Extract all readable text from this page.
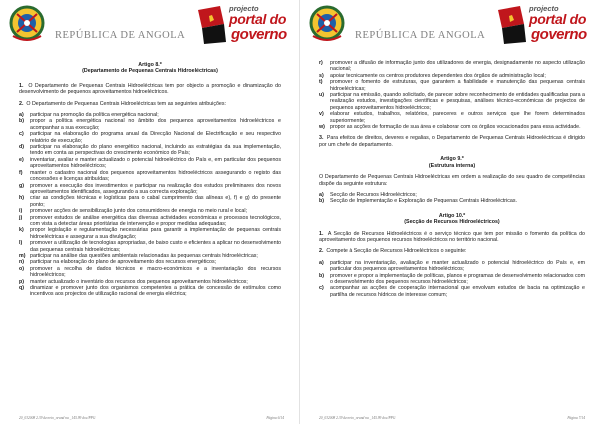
REPÚBLICA DE ANGOLA
projecto
portal do
governo
Artigo 8.º
(Departamento de Pequenas Centrais Hidroeléctricas)

1. O Departamento de Pequenas Centrais Hidroeléctricas tem por objecto a promoção e dinamização do desenvolvimento de pequenos aproveitamentos hidroeléctricos.

2. O Departamento de Pequenas Centrais Hidroeléctricas tem as seguintes atribuições:

a) participar na promoção da política energética nacional;
b) propor a política energética nacional no âmbito dos pequenos aproveitamentos hidroeléctricos e acompanhar a sua execução;
c) participar na elaboração do programa anual da Direcção Nacional de Electrificação e seu respectivo relatório de execução;
d) participar na elaboração do plano energético nacional, incluindo as estratégias da sua implementação, tendo em conta as perspectivas do crescimento económico do País;
e) inventariar, avaliar e manter actualizado o potencial hidroeléctrico do País e, em particular dos pequenos aproveitamentos hidroeléctricos;
f) manter o cadastro nacional dos pequenos aproveitamentos hidroeléctricos assegurando o registo das concessões e licenças atribuídas;
g) promover a execução dos investimentos e participar na realização dos estudos preliminares dos novos aproveitamentos identificados, assegurando a sua correcta exploração;
h) criar as condições técnicas e logísticas para o cabal cumprimento das alíneas e), f) e g) do presente ponto;
i) promover acções de sensibilização junto dos consumidores de energia no meio rural e local;
j) promover estudos de análise energética das diversas actividades económicas e processos tecnológicos, com vista a detectar áreas prioritárias de intervenção e propor medidas adequadas;
k) propor legislação e regulamentação necessárias para garantir a implementação de pequenas centrais hidroeléctricas e assegurar a sua divulgação;
l) promover a utilização de tecnologias apropriadas, de baixo custo e eficientes a aplicar no desenvolvimento das pequenas centrais hidroeléctricas;
m) participar na análise das questões ambientais relacionadas às pequenas centrais hidroeléctricas;
n) participar na elaboração do plano de aproveitamento dos recursos energéticos;
o) promover a recolha de dados técnicos e macro-económicos e a inventariação dos recursos hidroeléctricos;
p) manter actualizado o inventário dos recursos dos pequenos aproveitamentos hidroeléctricos;
q) dinamizar e promover junto dos organismos competentes a prática de concessão de estímulos como incentivos aos projectos de utilização racional de energia eléctrica;
20_032008 2.39 decreto_orand na _145.99 doc/PPG	Página 6/14
REPÚBLICA DE ANGOLA
projecto
portal do
governo
r) promover a difusão de informação junto dos utilizadores de energia, designadamente no aspecto utilização nacional;
s) apoiar tecnicamente os centros produtores dependentes dos órgãos de administração local;
t) promover o fomento de estruturas, que garantem a fiabilidade e manutenção das pequenas centrais hidroeléctricas;
u) participar na emissão, quando solicitado, de parecer sobre reconhecimento de entidades qualificadas para a realização estudos, investigações científicas e pesquisas, análises técnico-económicas de projectos de pequenos aproveitamentos hidroeléctricos;
v) elaborar estudos, trabalhos, relatórios, pareceres e outros serviços que lhe forem determinados superiormente;
w) propor as acções de formação de sua área e colaborar com os órgãos vocacionados para essa actividade.

3. Para efeitos de direitos, deveres e regalias, o Departamento de Pequenas Centrais Hidroeléctricas é dirigido por um chefe de departamento.

Artigo 9.º
(Estrutura interna)

O Departamento de Pequenas Centrais Hidroeléctricas em ordem a realização do seu quadro de competências dispõe da seguinte estrutura:

a) Secção de Recursos Hidroeléctricos;
b) Secção de Implementação e Exploração de Pequenas Centrais Hidroeléctricas.
Artigo 10.º
(Secção de Recursos Hidroeléctricos)

1. A Secção de Recursos Hidroeléctricos é o serviço técnico que tem por missão o fomento da política do aproveitamento dos pequenos recursos hidroeléctricos no território nacional.

2. Compete à Secção de Recursos Hidroeléctricos o seguinte:

a) participar na inventariação, avaliação e manter actualizado o potencial hidroeléctrico do País e, em particular dos pequenos aproveitamentos hidroeléctricos;
b) promover e propor a implementação de políticas, planos e programas de desenvolvimento relacionados com o desenvolvimento dos pequenos recursos hidroeléctricos;
c) acompanhar as acções de cooperação internacional que envolvam estudos de bacia na optimização e partilha de recursos hídricos de interesse comum;
20_032008 2.39 decreto_orand na _145.99 doc/PPG	Página 7/14
